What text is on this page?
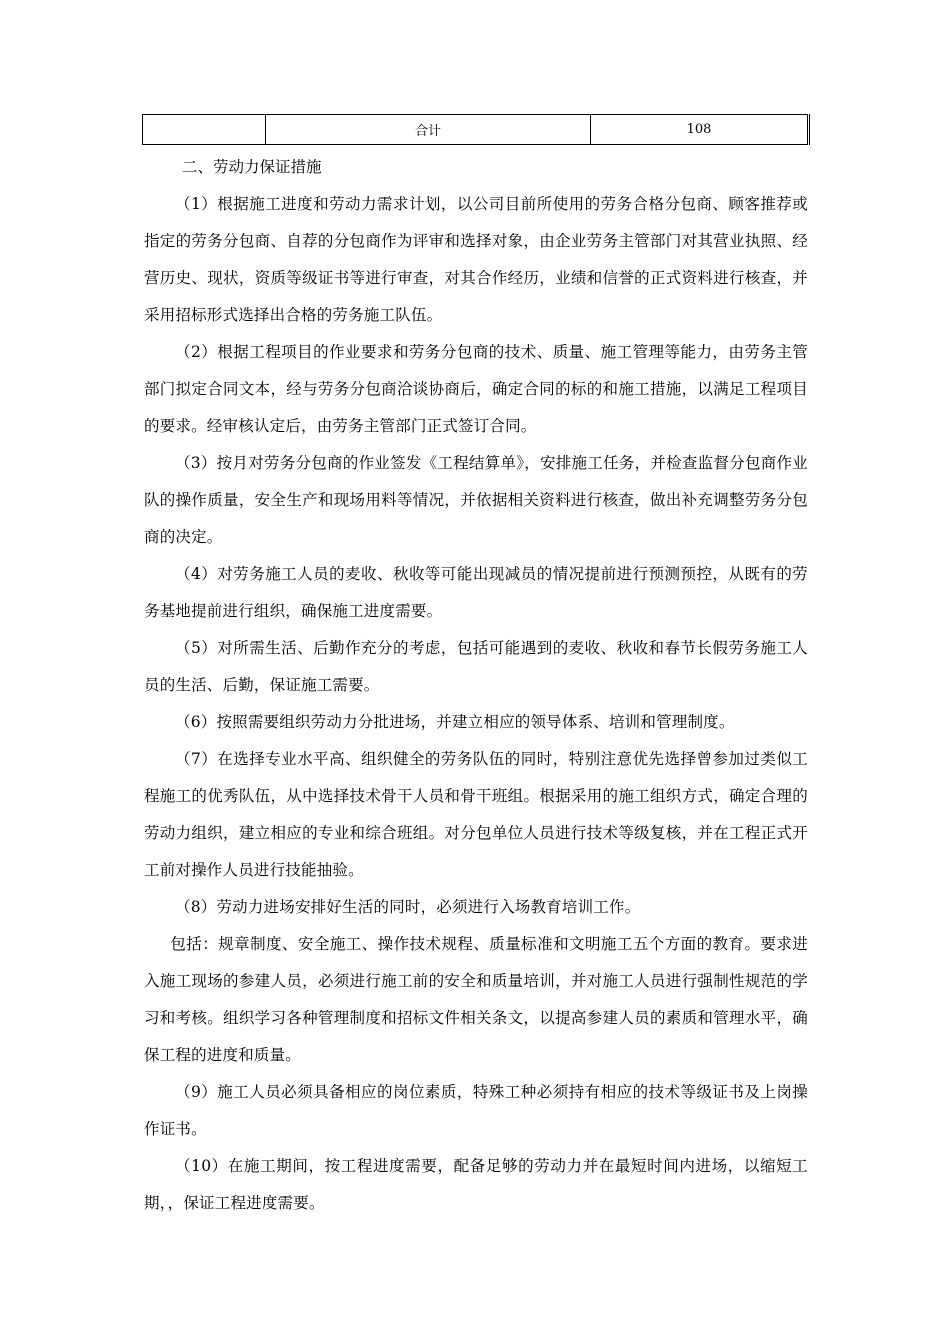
	合计	108

二、劳动力保证措施

（1）根据施工进度和劳动力需求计划，以公司目前所使用的劳务合格分包商、顾客推荐或指定的劳务分包商、自荐的分包商作为评审和选择对象，由企业劳务主管部门对其营业执照、经营历史、现状，资质等级证书等进行审查，对其合作经历，业绩和信誉的正式资料进行核查，并采用招标形式选择出合格的劳务施工队伍。

（2）根据工程项目的作业要求和劳务分包商的技术、质量、施工管理等能力，由劳务主管部门拟定合同文本，经与劳务分包商洽谈协商后，确定合同的标的和施工措施，以满足工程项目的要求。经审核认定后，由劳务主管部门正式签订合同。

（3）按月对劳务分包商的作业签发《工程结算单》，安排施工任务，并检查监督分包商作业队的操作质量，安全生产和现场用料等情况，并依据相关资料进行核查，做出补充调整劳务分包商的决定。

（4）对劳务施工人员的麦收、秋收等可能出现减员的情况提前进行预测预控，从既有的劳务基地提前进行组织，确保施工进度需要。

（5）对所需生活、后勤作充分的考虑，包括可能遇到的麦收、秋收和春节长假劳务施工人员的生活、后勤，保证施工需要。

（6）按照需要组织劳动力分批进场，并建立相应的领导体系、培训和管理制度。

（7）在选择专业水平高、组织健全的劳务队伍的同时，特别注意优先选择曾参加过类似工程施工的优秀队伍，从中选择技术骨干人员和骨干班组。根据采用的施工组织方式，确定合理的劳动力组织，建立相应的专业和综合班组。对分包单位人员进行技术等级复核，并在工程正式开工前对操作人员进行技能抽验。

（8）劳动力进场安排好生活的同时，必须进行入场教育培训工作。

包括：规章制度、安全施工、操作技术规程、质量标准和文明施工五个方面的教育。要求进入施工现场的参建人员，必须进行施工前的安全和质量培训，并对施工人员进行强制性规范的学习和考核。组织学习各种管理制度和招标文件相关条文，以提高参建人员的素质和管理水平，确保工程的进度和质量。

（9）施工人员必须具备相应的岗位素质，特殊工种必须持有相应的技术等级证书及上岗操作证书。

（10）在施工期间，按工程进度需要，配备足够的劳动力并在最短时间内进场，以缩短工期，，保证工程进度需要。
